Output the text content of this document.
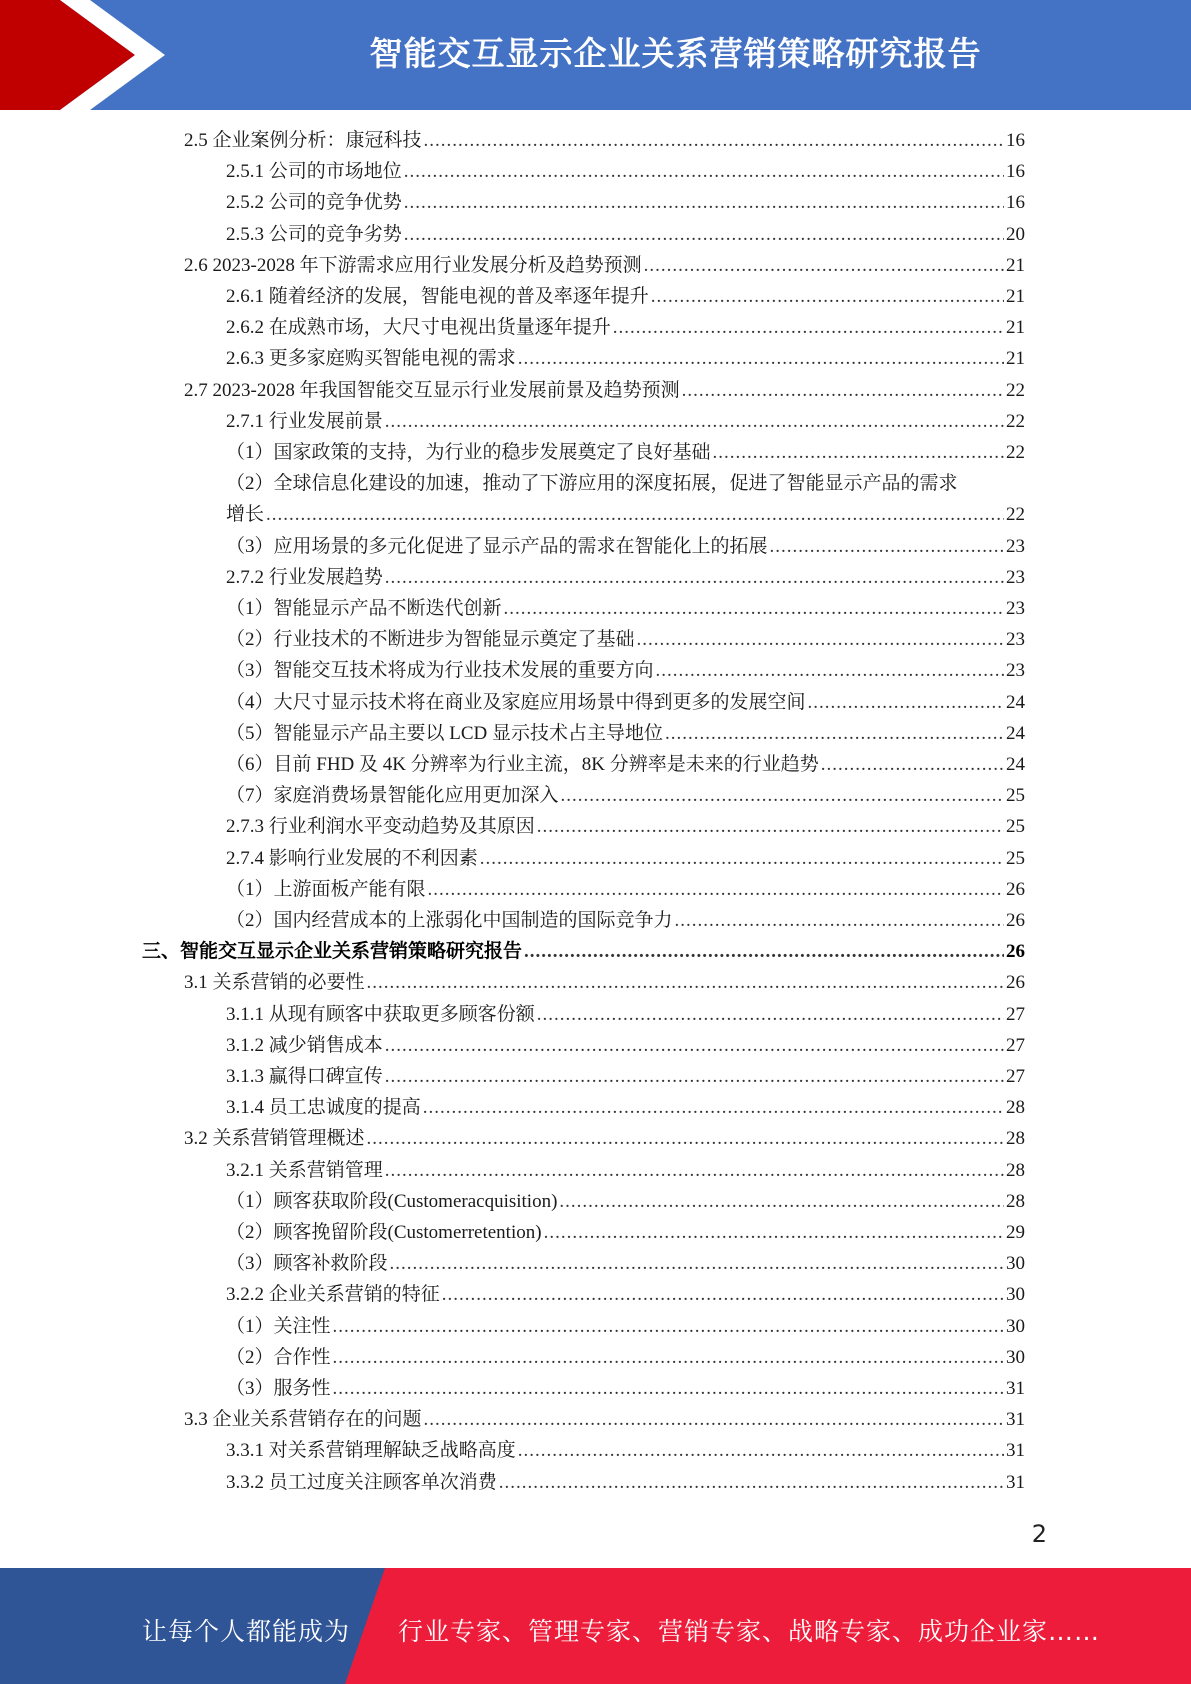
智能交互显示企业关系营销策略研究报告
2.5 企业案例分析：康冠科技 .....	16
2.5.1 公司的市场地位 .....	16
2.5.2 公司的竞争优势 .....	16
2.5.3 公司的竞争劣势 .....	20
2.6 2023-2028 年下游需求应用行业发展分析及趋势预测 .....	21
2.6.1 随着经济的发展，智能电视的普及率逐年提升 .....	21
2.6.2 在成熟市场，大尺寸电视出货量逐年提升 .....	21
2.6.3 更多家庭购买智能电视的需求 .....	21
2.7 2023-2028 年我国智能交互显示行业发展前景及趋势预测 .....	22
2.7.1 行业发展前景 .....	22
（1）国家政策的支持，为行业的稳步发展奠定了良好基础 .....	22
（2）全球信息化建设的加速，推动了下游应用的深度拓展，促进了智能显示产品的需求
增长 .....	22
（3）应用场景的多元化促进了显示产品的需求在智能化上的拓展 .....	23
2.7.2 行业发展趋势 .....	23
（1）智能显示产品不断迭代创新 .....	23
（2）行业技术的不断进步为智能显示奠定了基础 .....	23
（3）智能交互技术将成为行业技术发展的重要方向 .....	23
（4）大尺寸显示技术将在商业及家庭应用场景中得到更多的发展空间 .....	24
（5）智能显示产品主要以 LCD 显示技术占主导地位 .....	24
（6）目前 FHD 及 4K 分辨率为行业主流，8K 分辨率是未来的行业趋势 .....	24
（7）家庭消费场景智能化应用更加深入 .....	25
2.7.3 行业利润水平变动趋势及其原因 .....	25
2.7.4 影响行业发展的不利因素 .....	25
（1）上游面板产能有限 .....	26
（2）国内经营成本的上涨弱化中国制造的国际竞争力 .....	26
三、智能交互显示企业关系营销策略研究报告 .....	26
3.1 关系营销的必要性 .....	26
3.1.1 从现有顾客中获取更多顾客份额 .....	27
3.1.2 减少销售成本 .....	27
3.1.3 赢得口碑宣传 .....	27
3.1.4 员工忠诚度的提高 .....	28
3.2 关系营销管理概述 .....	28
3.2.1 关系营销管理 .....	28
（1）顾客获取阶段(Customeracquisition) .....	28
（2）顾客挽留阶段(Customerretention) .....	29
（3）顾客补救阶段 .....	30
3.2.2 企业关系营销的特征 .....	30
（1）关注性 .....	30
（2）合作性 .....	30
（3）服务性 .....	31
3.3 企业关系营销存在的问题 .....	31
3.3.1 对关系营销理解缺乏战略高度 .....	31
3.3.2 员工过度关注顾客单次消费 .....	31
2
让每个人都能成为 行业专家、管理专家、营销专家、战略专家、成功企业家……
